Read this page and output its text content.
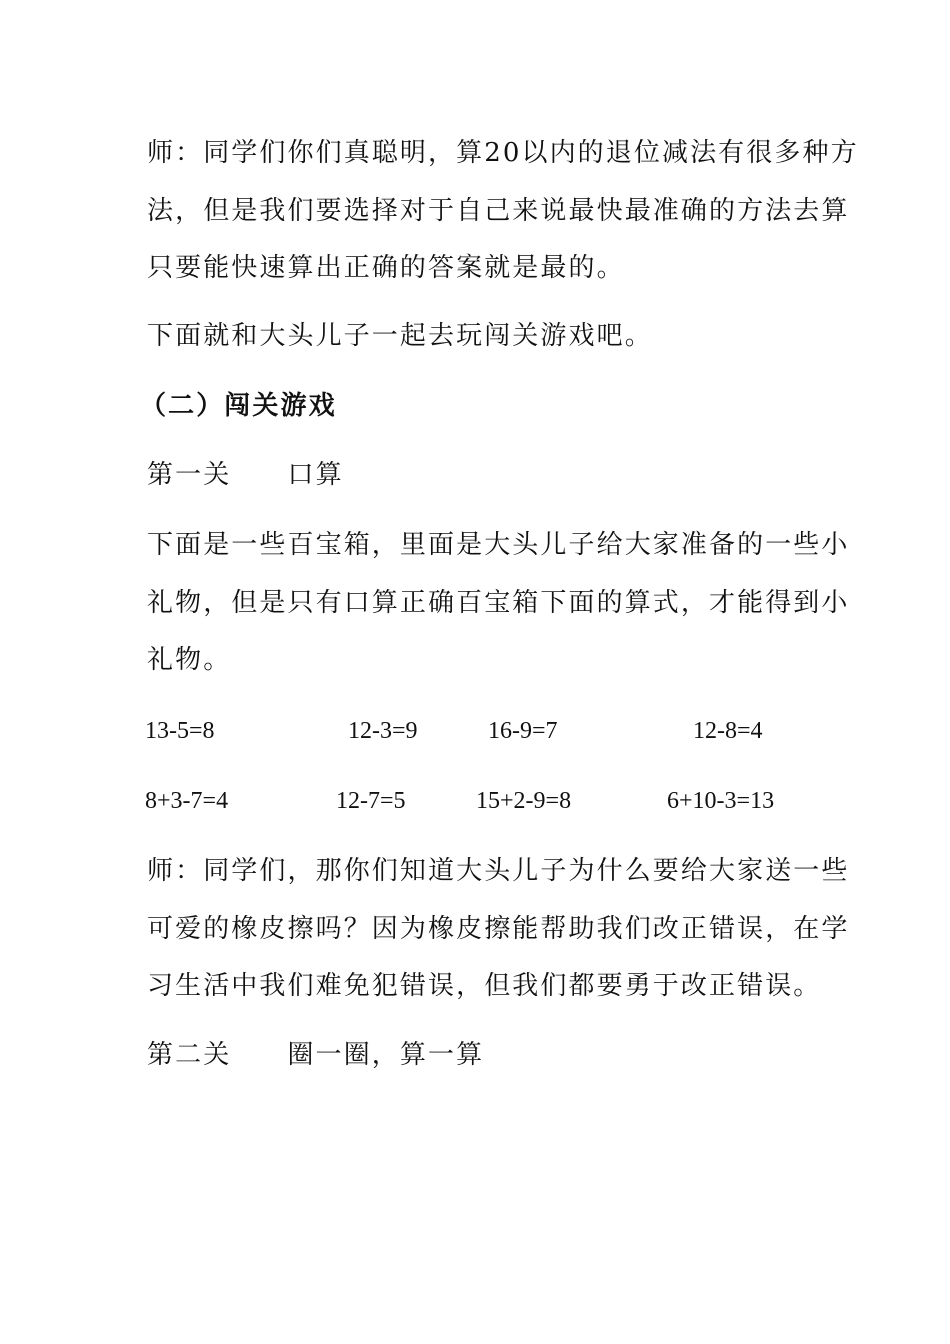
师：同学们你们真聪明，算20以内的退位减法有很多种方
法，但是我们要选择对于自己来说最快最准确的方法去算
只要能快速算出正确的答案就是最的。
下面就和大头儿子一起去玩闯关游戏吧。
（二）闯关游戏
第一关　　口算
下面是一些百宝箱，里面是大头儿子给大家准备的一些小
礼物，但是只有口算正确百宝箱下面的算式，才能得到小
礼物。
13-5=8	12-3=9	16-9=7	12-8=4
8+3-7=4	12-7=5	15+2-9=8	6+10-3=13
师：同学们，那你们知道大头儿子为什么要给大家送一些
可爱的橡皮擦吗？因为橡皮擦能帮助我们改正错误，在学
习生活中我们难免犯错误，但我们都要勇于改正错误。
第二关　　圈一圈，算一算
